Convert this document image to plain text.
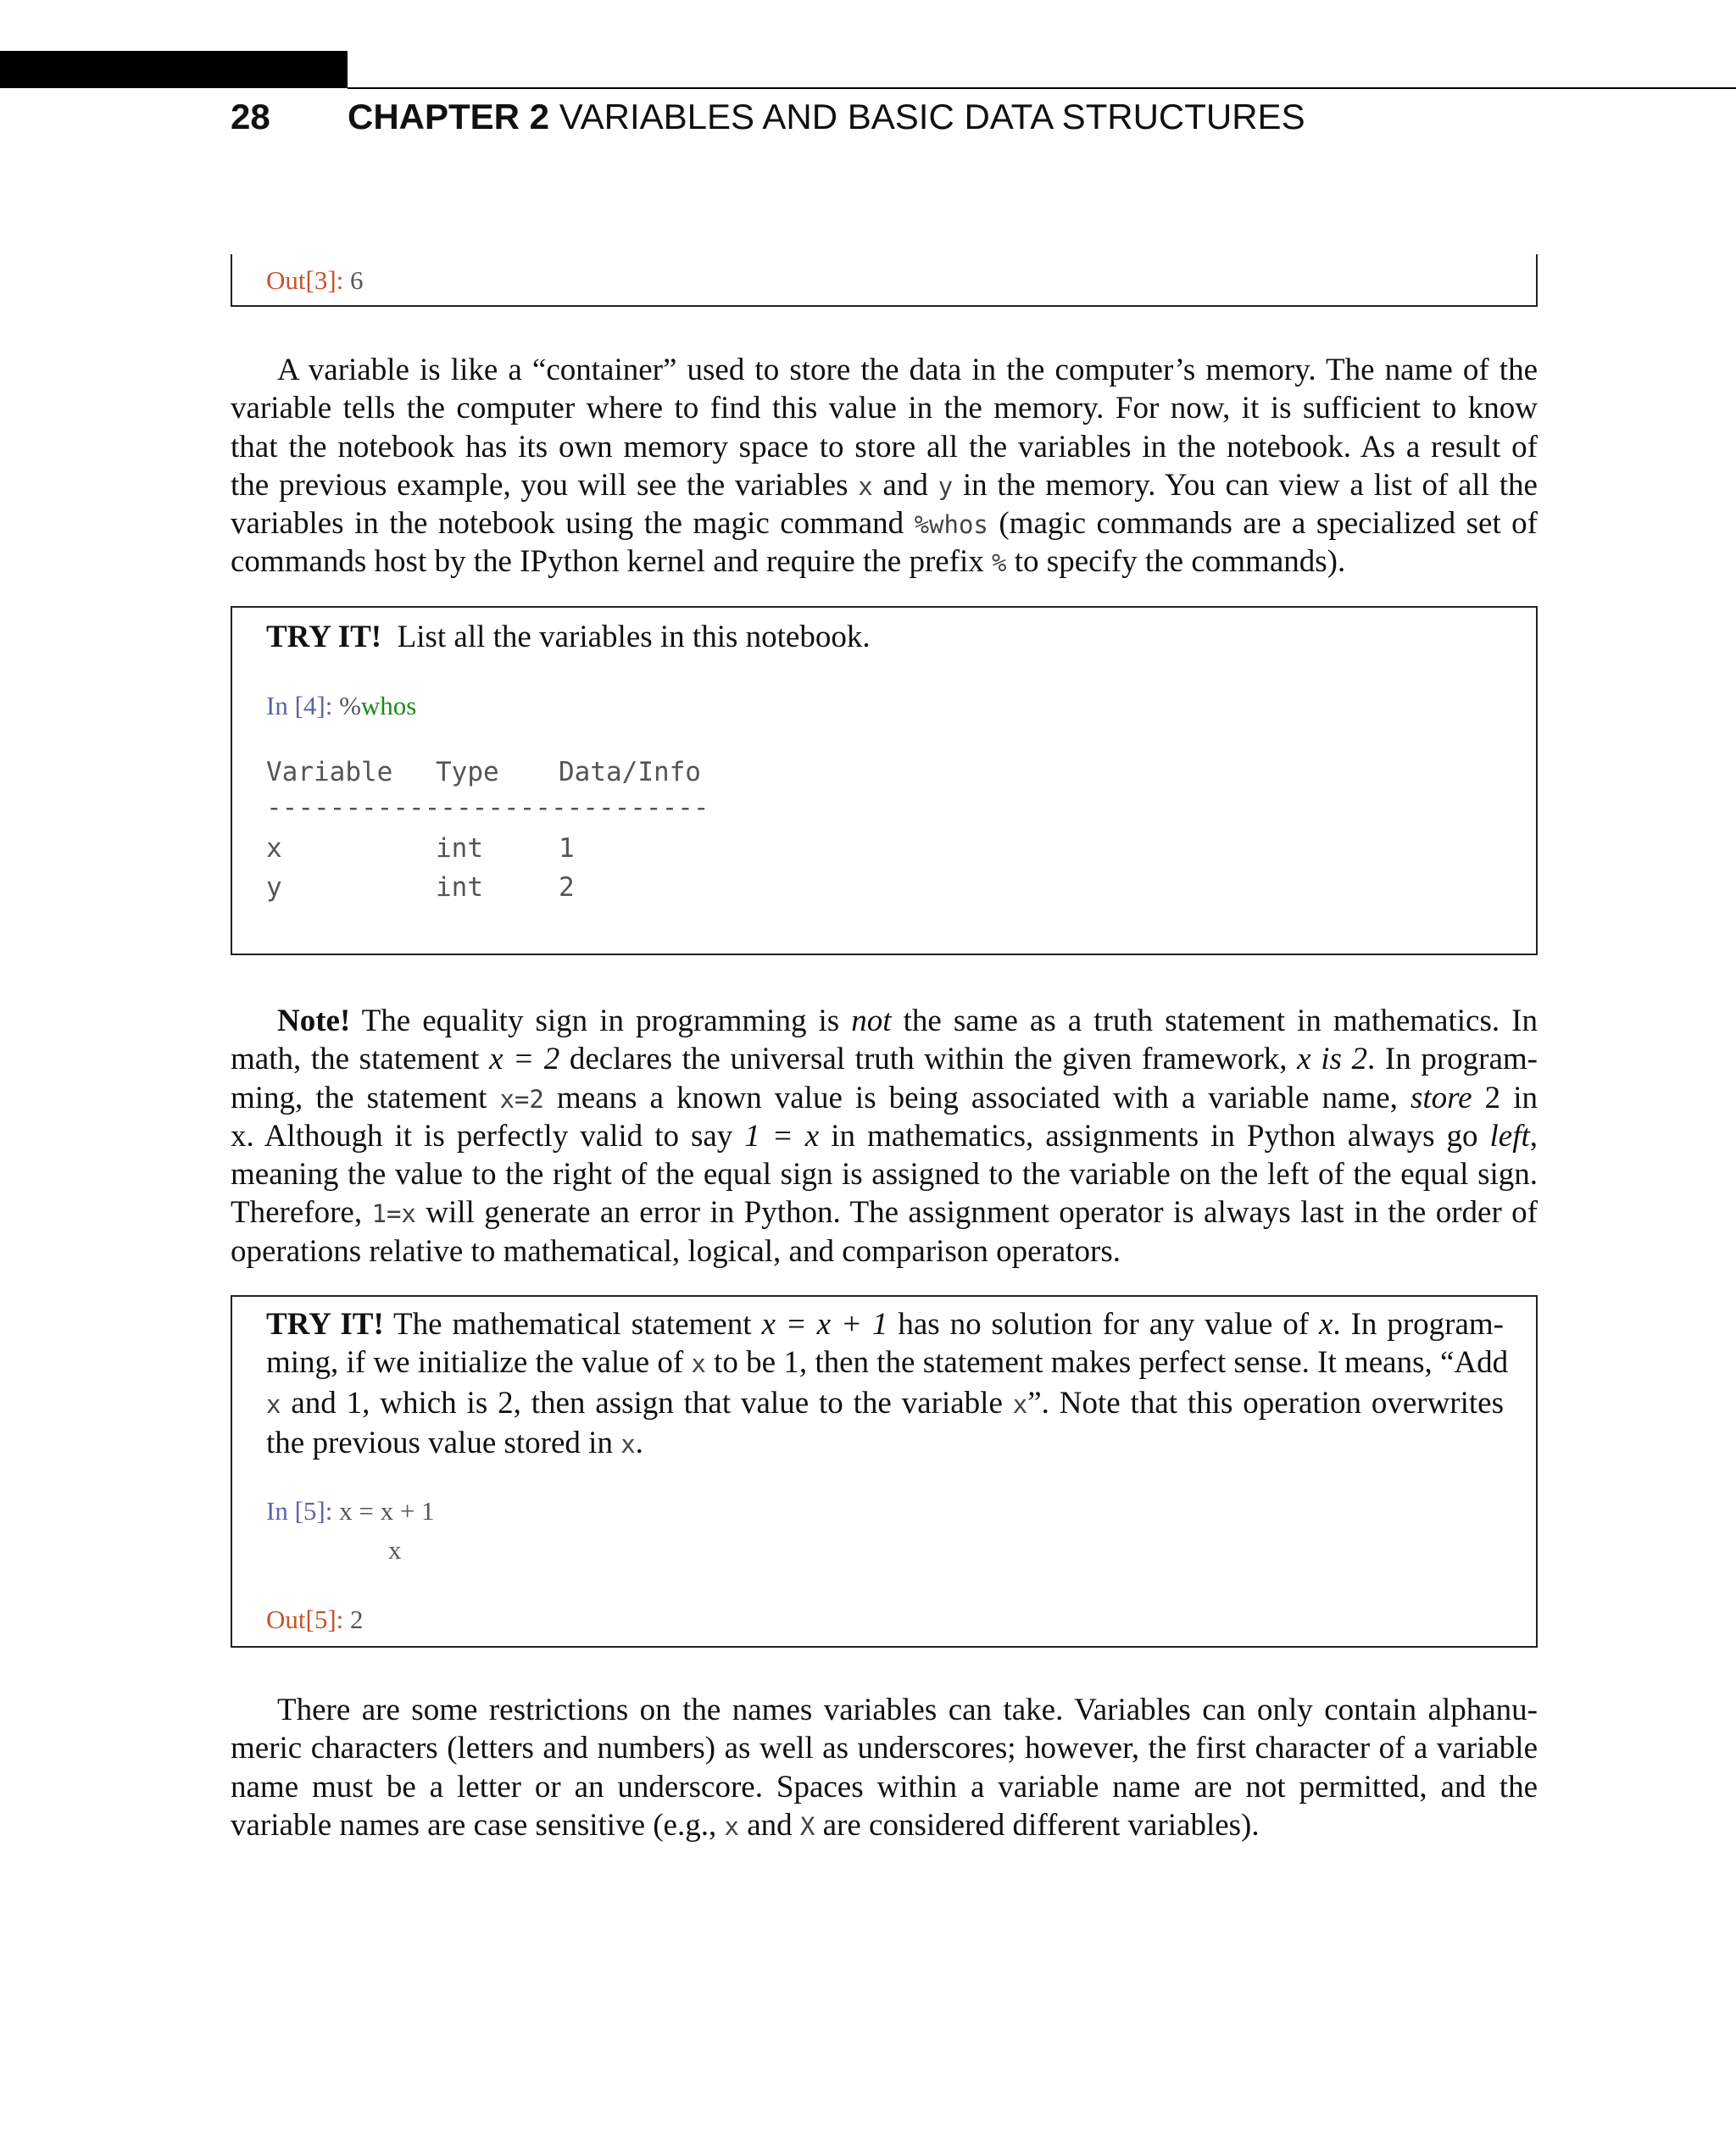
28 CHAPTER 2 VARIABLES AND BASIC DATA STRUCTURES
Out[3]: 6
A variable is like a “container” used to store the data in the computer’s memory. The name of the
variable tells the computer where to find this value in the memory. For now, it is sufficient to know
that the notebook has its own memory space to store all the variables in the notebook. As a result of
the previous example, you will see the variables x and y in the memory. You can view a list of all the
variables in the notebook using the magic command %whos (magic commands are a specialized set of
commands host by the IPython kernel and require the prefix % to specify the commands).
TRY IT! List all the variables in this notebook.
In [4]: %whos
Variable Type Data/Info
----------------------------
x	int	1
y	int	2
Note! The equality sign in programming is not the same as a truth statement in mathematics. In
math, the statement x = 2 declares the universal truth within the given framework, x is 2. In program-
ming, the statement x=2 means a known value is being associated with a variable name, store 2 in
x. Although it is perfectly valid to say 1 = x in mathematics, assignments in Python always go left,
meaning the value to the right of the equal sign is assigned to the variable on the left of the equal sign.
Therefore, 1=x will generate an error in Python. The assignment operator is always last in the order of
operations relative to mathematical, logical, and comparison operators.
TRY IT! The mathematical statement x = x + 1 has no solution for any value of x. In program-
ming, if we initialize the value of x to be 1, then the statement makes perfect sense. It means, “Add
x and 1, which is 2, then assign that value to the variable x”. Note that this operation overwrites
the previous value stored in x.
In [5]: x = x + 1
x
Out[5]: 2
There are some restrictions on the names variables can take. Variables can only contain alphanu-
meric characters (letters and numbers) as well as underscores; however, the first character of a variable
name must be a letter or an underscore. Spaces within a variable name are not permitted, and the
variable names are case sensitive (e.g., x and X are considered different variables).
